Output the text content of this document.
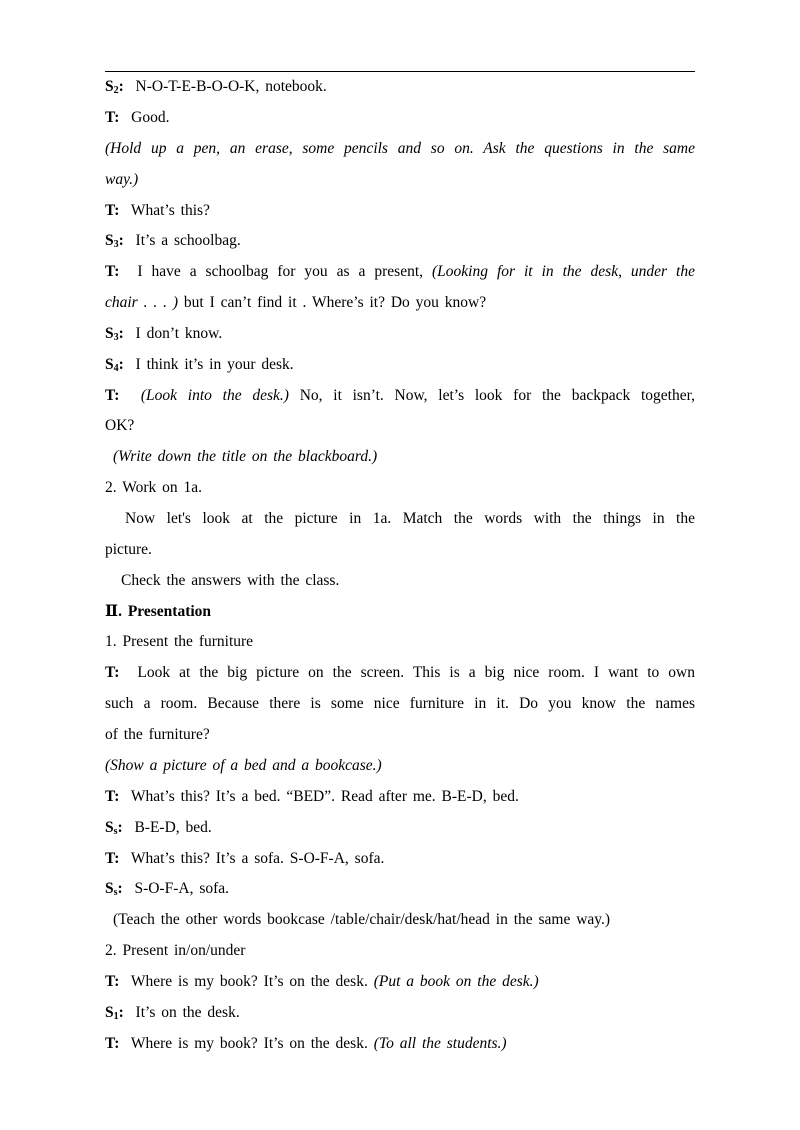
$S_2$: N-O-T-E-B-O-O-K, notebook.
T: Good.
(Hold up a pen, an erase, some pencils and so on. Ask the questions in the same
way.)
T: What’s this?
$S_3$: It’s a schoolbag.
T: I have a schoolbag for you as a present, (Looking for it in the desk, under the
chair . . . ) but I can’t find it . Where’s it? Do you know?
$S_3$: I don’t know.
$S_4$: I think it’s in your desk.
T: (Look into the desk.) No, it isn’t. Now, let’s look for the backpack together,
OK?
(Write down the title on the blackboard.)
2. Work on 1a.
Now let's look at the picture in 1a. Match the words with the things in the
picture.
Check the answers with the class.
Ⅱ. Presentation
1. Present the furniture
T: Look at the big picture on the screen. This is a big nice room. I want to own
such a room. Because there is some nice furniture in it. Do you know the names
of the furniture?
(Show a picture of a bed and a bookcase.)
T: What’s this? It’s a bed. “BED”. Read after me. B-E-D, bed.
$S_s$: B-E-D, bed.
T: What’s this? It’s a sofa. S-O-F-A, sofa.
$S_s$: S-O-F-A, sofa.
(Teach the other words bookcase /table/chair/desk/hat/head in the same way.)
2. Present in/on/under
T: Where is my book? It’s on the desk. (Put a book on the desk.)
$S_1$: It’s on the desk.
T: Where is my book? It’s on the desk. (To all the students.)
